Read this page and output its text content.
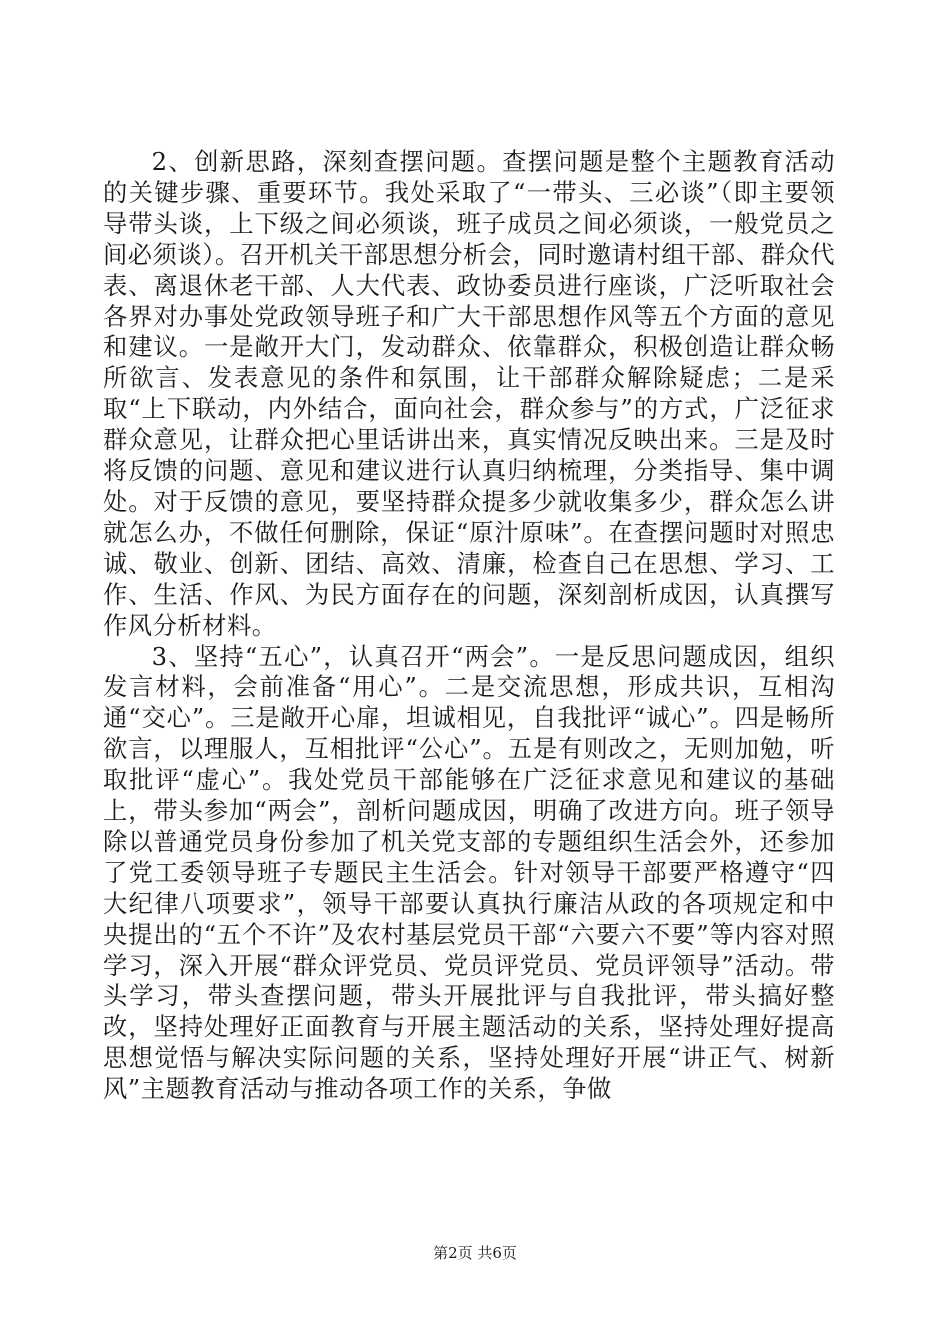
2、创新思路，深刻查摆问题。查摆问题是整个主题教育活动的关键步骤、重要环节。我处采取了“一带头、三必谈”（即主要领导带头谈，上下级之间必须谈，班子成员之间必须谈，一般党员之间必须谈）。召开机关干部思想分析会，同时邀请村组干部、群众代表、离退休老干部、人大代表、政协委员进行座谈，广泛听取社会各界对办事处党政领导班子和广大干部思想作风等五个方面的意见和建议。一是敞开大门，发动群众、依靠群众，积极创造让群众畅所欲言、发表意见的条件和氛围，让干部群众解除疑虑；二是采取“上下联动，内外结合，面向社会，群众参与”的方式，广泛征求群众意见，让群众把心里话讲出来，真实情况反映出来。三是及时将反馈的问题、意见和建议进行认真归纳梳理，分类指导、集中调处。对于反馈的意见，要坚持群众提多少就收集多少，群众怎么讲就怎么办，不做任何删除，保证“原汁原味”。在查摆问题时对照忠诚、敬业、创新、团结、高效、清廉，检查自己在思想、学习、工作、生活、作风、为民方面存在的问题，深刻剖析成因，认真撰写作风分析材料。

3、坚持“五心”，认真召开“两会”。一是反思问题成因，组织发言材料，会前准备“用心”。二是交流思想，形成共识，互相沟通“交心”。三是敞开心扉，坦诚相见，自我批评“诚心”。四是畅所欲言，以理服人，互相批评“公心”。五是有则改之，无则加勉，听取批评“虚心”。我处党员干部能够在广泛征求意见和建议的基础上，带头参加“两会”，剖析问题成因，明确了改进方向。班子领导除以普通党员身份参加了机关党支部的专题组织生活会外，还参加了党工委领导班子专题民主生活会。针对领导干部要严格遵守“四大纪律八项要求”，领导干部要认真执行廉洁从政的各项规定和中央提出的“五个不许”及农村基层党员干部“六要六不要”等内容对照学习，深入开展“群众评党员、党员评党员、党员评领导”活动。带头学习，带头查摆问题，带头开展批评与自我批评，带头搞好整改，坚持处理好正面教育与开展主题活动的关系，坚持处理好提高思想觉悟与解决实际问题的关系，坚持处理好开展“讲正气、树新风”主题教育活动与推动各项工作的关系，争做

第2页 共6页
